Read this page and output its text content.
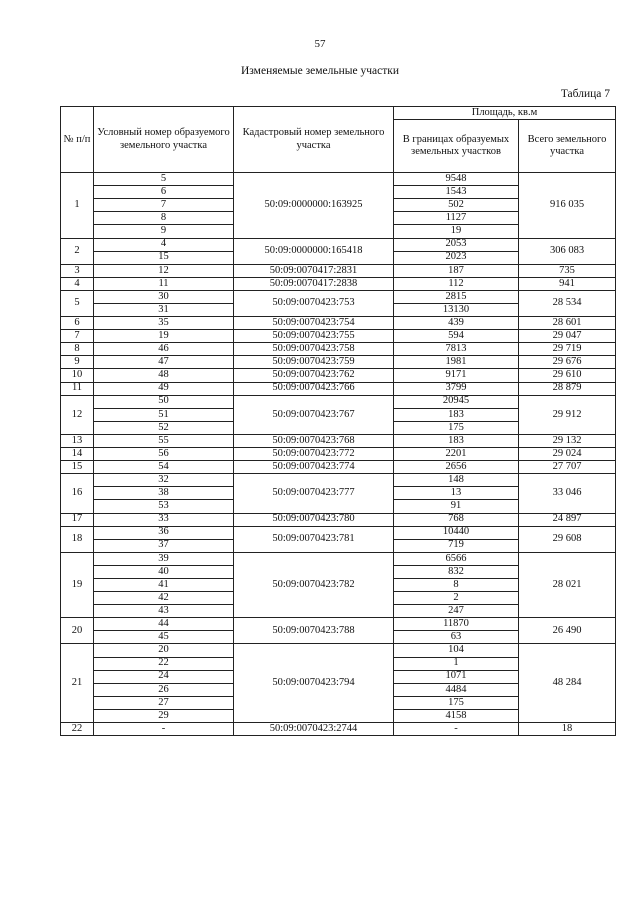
57
Изменяемые земельные участки
Таблица 7
№ п/п	Условный номер образуемого земельного участка	Кадастровый номер земельного участка	Площадь, кв.м	
			В границах образуемых земельных участков	Всего земельного участка
1	5	50:09:0000000:163925	9548	916 035
	6		1543	
	7		502	
	8		1127	
	9		19	
2	4	50:09:0000000:165418	2053	306 083
	15		2023	
3	12	50:09:0070417:2831	187	735
4	11	50:09:0070417:2838	112	941
5	30	50:09:0070423:753	2815	28 534
	31		13130	
6	35	50:09:0070423:754	439	28 601
7	19	50:09:0070423:755	594	29 047
8	46	50:09:0070423:758	7813	29 719
9	47	50:09:0070423:759	1981	29 676
10	48	50:09:0070423:762	9171	29 610
11	49	50:09:0070423:766	3799	28 879
12	50	50:09:0070423:767	20945	29 912
	51		183	
	52		175	
13	55	50:09:0070423:768	183	29 132
14	56	50:09:0070423:772	2201	29 024
15	54	50:09:0070423:774	2656	27 707
16	32	50:09:0070423:777	148	33 046
	38		13	
	53		91	
17	33	50:09:0070423:780	768	24 897
18	36	50:09:0070423:781	10440	29 608
	37		719	
19	39	50:09:0070423:782	6566	28 021
	40		832	
	41		8	
	42		2	
	43		247	
20	44	50:09:0070423:788	11870	26 490
	45		63	
21	20	50:09:0070423:794	104	48 284
	22		1	
	24		1071	
	26		4484	
	27		175	
	29		4158	
22	-	50:09:0070423:2744	-	18
